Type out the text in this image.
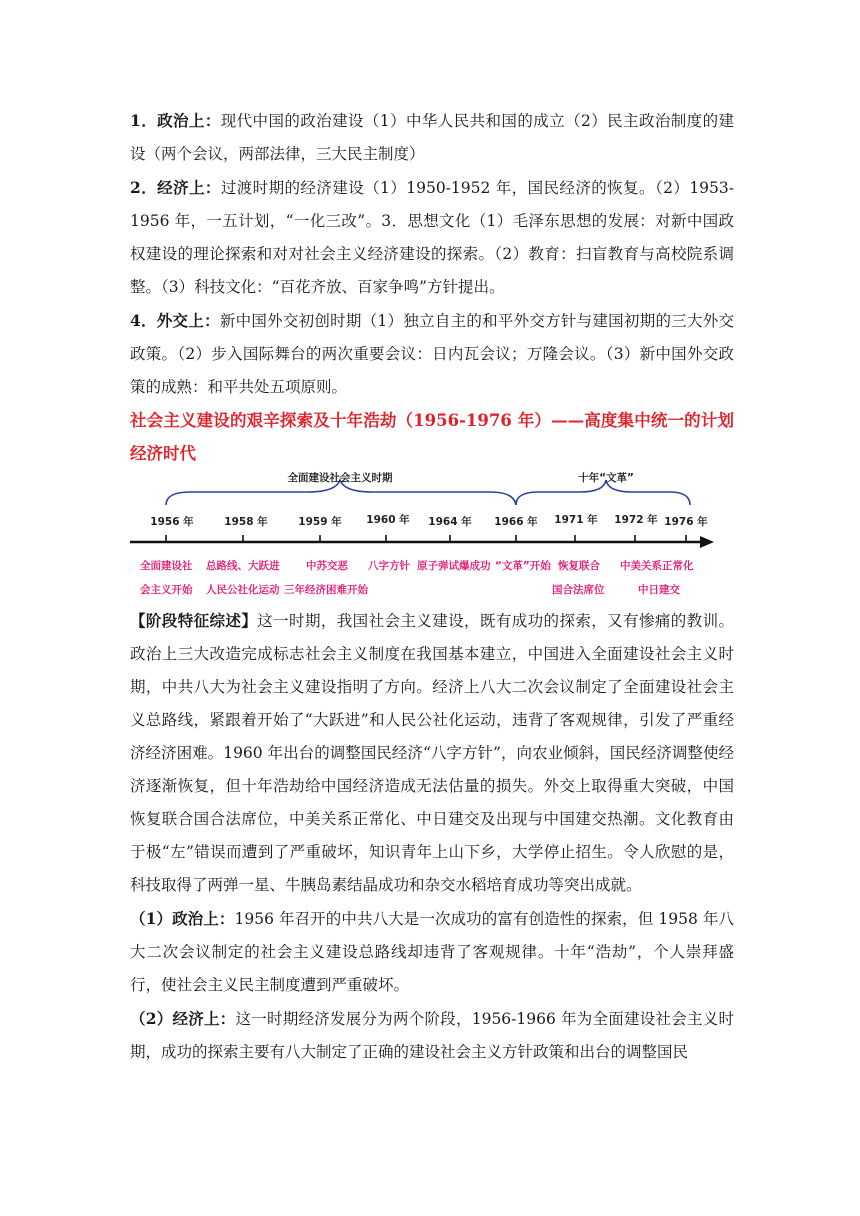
1．政治上：现代中国的政治建设（1）中华人民共和国的成立（2）民主政治制度的建设（两个会议，两部法律，三大民主制度）

2．经济上：过渡时期的经济建设（1）1950-1952 年，国民经济的恢复。（2）1953-1956 年，一五计划，“一化三改”。3．思想文化（1）毛泽东思想的发展：对新中国政权建设的理论探索和对对社会主义经济建设的探索。（2）教育：扫盲教育与高校院系调整。（3）科技文化：“百花齐放、百家争鸣”方针提出。

4．外交上：新中国外交初创时期（1）独立自主的和平外交方针与建国初期的三大外交政策。（2）步入国际舞台的两次重要会议：日内瓦会议；万隆会议。（3）新中国外交政策的成熟：和平共处五项原则。

社会主义建设的艰辛探索及十年浩劫（1956-1976 年）——高度集中统一的计划经济时代

全面建设社会主义时期	十年“文革”
1956 年	1958 年	1959 年 1960 年 1964 年 1966 年 1971 年 1972 年 1976 年
全面建设社
会主义开始
总路线、大跃进
人民公社化运动
中苏交恶
三年经济困难开始
八字方针 原子弹试爆成功 “文革”开始 恢复联合
国合法席位
中美关系正常化
中日建交

【阶段特征综述】这一时期，我国社会主义建设，既有成功的探索，又有惨痛的教训。政治上三大改造完成标志社会主义制度在我国基本建立，中国进入全面建设社会主义时期，中共八大为社会主义建设指明了方向。经济上八大二次会议制定了全面建设社会主义总路线，紧跟着开始了“大跃进”和人民公社化运动，违背了客观规律，引发了严重经济经济困难。1960 年出台的调整国民经济“八字方针”，向农业倾斜，国民经济调整使经济逐渐恢复，但十年浩劫给中国经济造成无法估量的损失。外交上取得重大突破，中国恢复联合国合法席位，中美关系正常化、中日建交及出现与中国建交热潮。文化教育由于极“左”错误而遭到了严重破坏，知识青年上山下乡，大学停止招生。令人欣慰的是，科技取得了两弹一星、牛胰岛素结晶成功和杂交水稻培育成功等突出成就。

（1）政治上：1956 年召开的中共八大是一次成功的富有创造性的探索，但 1958 年八大二次会议制定的社会主义建设总路线却违背了客观规律。十年“浩劫”，个人崇拜盛行，使社会主义民主制度遭到严重破坏。

（2）经济上：这一时期经济发展分为两个阶段，1956-1966 年为全面建设社会主义时期，成功的探索主要有八大制定了正确的建设社会主义方针政策和出台的调整国民
